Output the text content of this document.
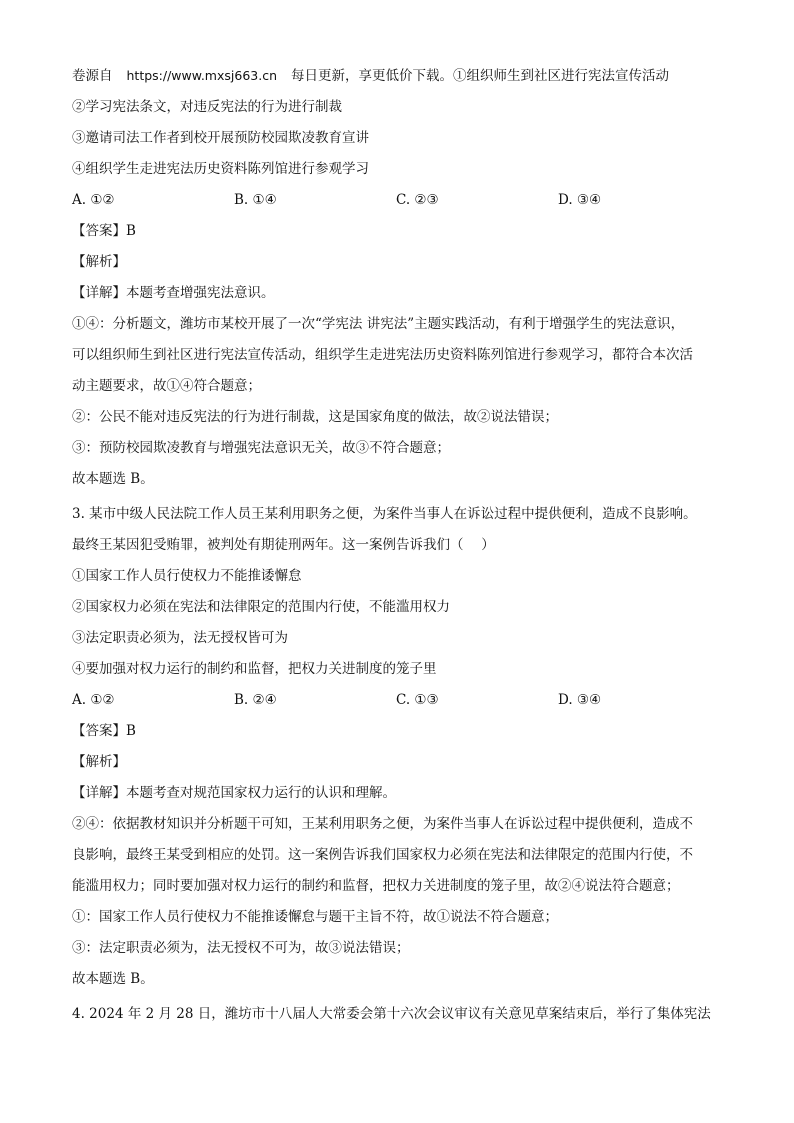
卷源自 https://www.mxsj663.cn 每日更新，享更低价下载。①组织师生到社区进行宪法宣传活动
②学习宪法条文，对违反宪法的行为进行制裁
③邀请司法工作者到校开展预防校园欺凌教育宣讲
④组织学生走进宪法历史资料陈列馆进行参观学习
A. ①②	B. ①④	C. ②③	D. ③④
【答案】B
【解析】
【详解】本题考查增强宪法意识。
①④：分析题文，潍坊市某校开展了一次“学宪法 讲宪法”主题实践活动，有利于增强学生的宪法意识，
可以组织师生到社区进行宪法宣传活动，组织学生走进宪法历史资料陈列馆进行参观学习，都符合本次活
动主题要求，故①④符合题意；
②：公民不能对违反宪法的行为进行制裁，这是国家角度的做法，故②说法错误；
③：预防校园欺凌教育与增强宪法意识无关，故③不符合题意；
故本题选 B。
3. 某市中级人民法院工作人员王某利用职务之便，为案件当事人在诉讼过程中提供便利，造成不良影响。
最终王某因犯受贿罪，被判处有期徒刑两年。这一案例告诉我们（　 ）
①国家工作人员行使权力不能推诿懈怠
②国家权力必须在宪法和法律限定的范围内行使，不能滥用权力
③法定职责必须为，法无授权皆可为
④要加强对权力运行的制约和监督，把权力关进制度的笼子里
A. ①②	B. ②④	C. ①③	D. ③④
【答案】B
【解析】
【详解】本题考查对规范国家权力运行的认识和理解。
②④：依据教材知识并分析题干可知，王某利用职务之便，为案件当事人在诉讼过程中提供便利，造成不
良影响，最终王某受到相应的处罚。这一案例告诉我们国家权力必须在宪法和法律限定的范围内行使，不
能滥用权力；同时要加强对权力运行的制约和监督，把权力关进制度的笼子里，故②④说法符合题意；
①：国家工作人员行使权力不能推诿懈怠与题干主旨不符，故①说法不符合题意；
③：法定职责必须为，法无授权不可为，故③说法错误；
故本题选 B。
4. 2024 年 2 月 28 日，潍坊市十八届人大常委会第十六次会议审议有关意见草案结束后，举行了集体宪法
